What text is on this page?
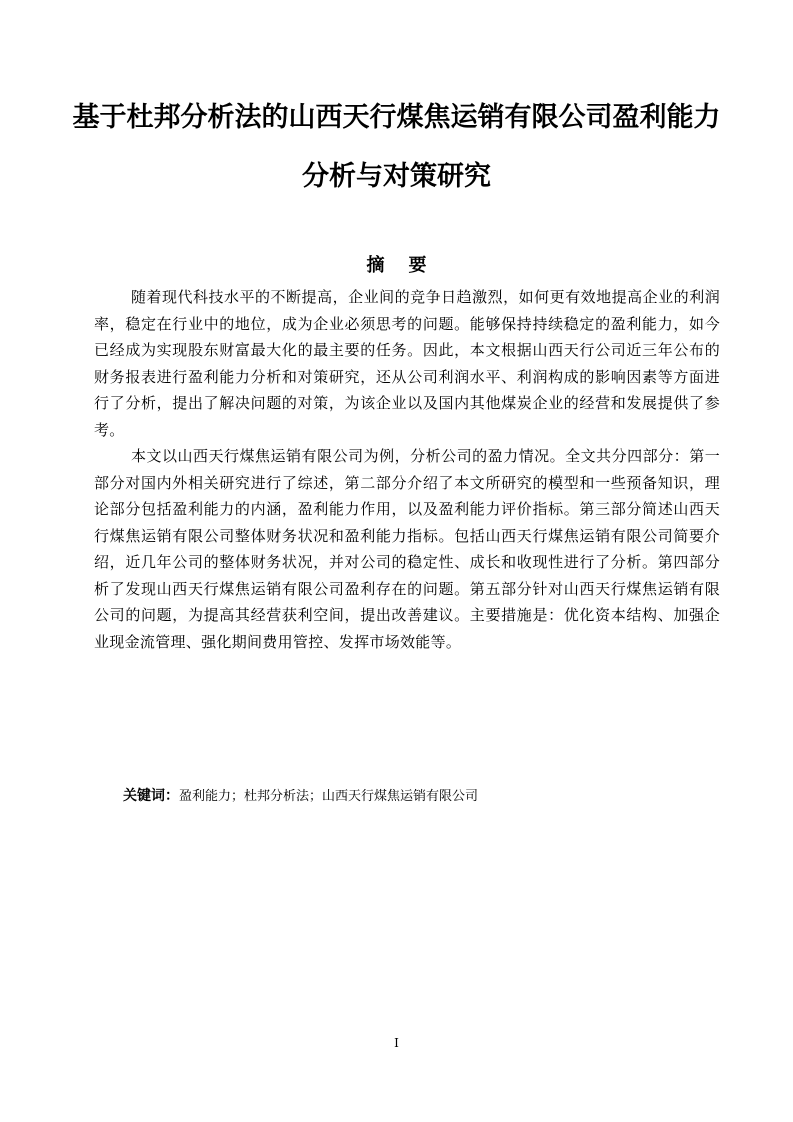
基于杜邦分析法的山西天行煤焦运销有限公司盈利能力分析与对策研究
摘要

随着现代科技水平的不断提高，企业间的竞争日趋激烈，如何更有效地提高企业的利润率，稳定在行业中的地位，成为企业必须思考的问题。能够保持持续稳定的盈利能力，如今已经成为实现股东财富最大化的最主要的任务。因此，本文根据山西天行公司近三年公布的财务报表进行盈利能力分析和对策研究，还从公司利润水平、利润构成的影响因素等方面进行了分析，提出了解决问题的对策，为该企业以及国内其他煤炭企业的经营和发展提供了参考。

本文以山西天行煤焦运销有限公司为例，分析公司的盈力情况。全文共分四部分：第一部分对国内外相关研究进行了综述，第二部分介绍了本文所研究的模型和一些预备知识，理论部分包括盈利能力的内涵，盈利能力作用，以及盈利能力评价指标。第三部分简述山西天行煤焦运销有限公司整体财务状况和盈利能力指标。包括山西天行煤焦运销有限公司简要介绍，近几年公司的整体财务状况，并对公司的稳定性、成长和收现性进行了分析。第四部分析了发现山西天行煤焦运销有限公司盈利存在的问题。第五部分针对山西天行煤焦运销有限公司的问题，为提高其经营获利空间，提出改善建议。主要措施是：优化资本结构、加强企业现金流管理、强化期间费用管控、发挥市场效能等。

关键词：盈利能力；杜邦分析法；山西天行煤焦运销有限公司
I
